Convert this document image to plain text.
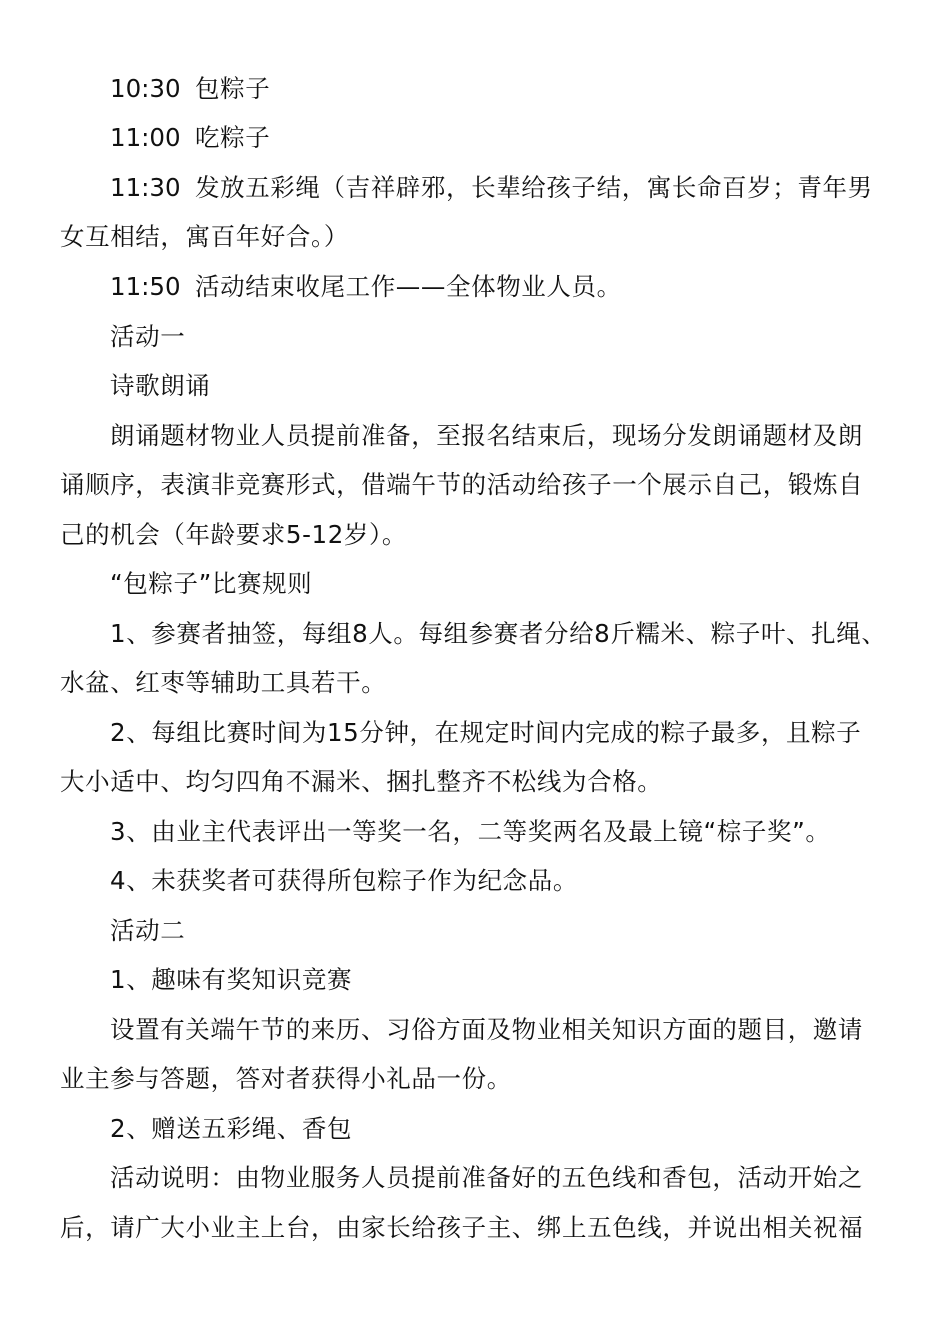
10:30 包粽子

11:00 吃粽子

11:30 发放五彩绳（吉祥辟邪，长辈给孩子结，寓长命百岁；青年男

女互相结，寓百年好合。）

11:50 活动结束收尾工作——全体物业人员。

活动一

诗歌朗诵

朗诵题材物业人员提前准备，至报名结束后，现场分发朗诵题材及朗

诵顺序，表演非竞赛形式，借端午节的活动给孩子一个展示自己，锻炼自

己的机会（年龄要求5-12岁）。

“包粽子”比赛规则

1、参赛者抽签，每组8人。每组参赛者分给8斤糯米、粽子叶、扎绳、

水盆、红枣等辅助工具若干。

2、每组比赛时间为15分钟，在规定时间内完成的粽子最多，且粽子

大小适中、均匀四角不漏米、捆扎整齐不松线为合格。

3、由业主代表评出一等奖一名，二等奖两名及最上镜“棕子奖”。

4、未获奖者可获得所包粽子作为纪念品。

活动二

1、趣味有奖知识竞赛

设置有关端午节的来历、习俗方面及物业相关知识方面的题目，邀请

业主参与答题，答对者获得小礼品一份。

2、赠送五彩绳、香包

活动说明：由物业服务人员提前准备好的五色线和香包，活动开始之

后，请广大小业主上台，由家长给孩子主、绑上五色线，并说出相关祝福
